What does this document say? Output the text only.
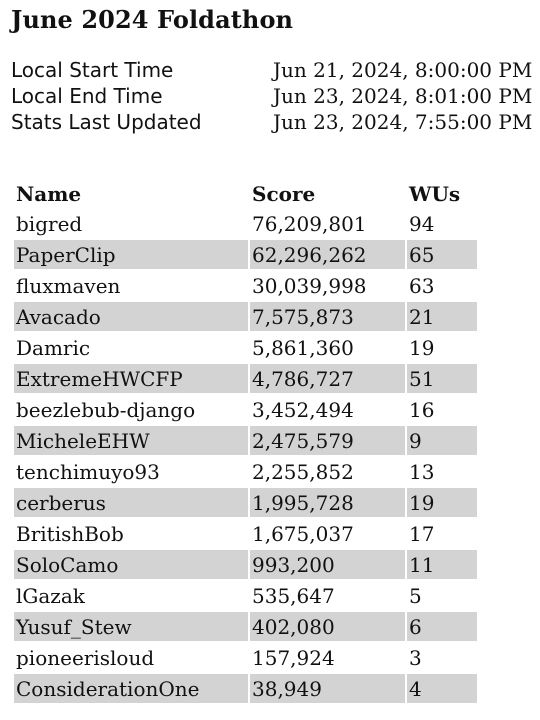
June 2024 Foldathon
Local Start Time	Jun 21, 2024, 8:00:00 PM
Local End Time	Jun 23, 2024, 8:01:00 PM
Stats Last Updated	Jun 23, 2024, 7:55:00 PM
Name	Score	WUs
bigred	76,209,801	94
PaperClip	62,296,262	65
fluxmaven	30,039,998	63
Avacado	7,575,873	21
Damric	5,861,360	19
ExtremeHWCFP	4,786,727	51
beezlebub-django	3,452,494	16
MicheleEHW	2,475,579	9
tenchimuyo93	2,255,852	13
cerberus	1,995,728	19
BritishBob	1,675,037	17
SoloCamo	993,200	11
lGazak	535,647	5
Yusuf_Stew	402,080	6
pioneerisloud	157,924	3
ConsiderationOne	38,949	4
